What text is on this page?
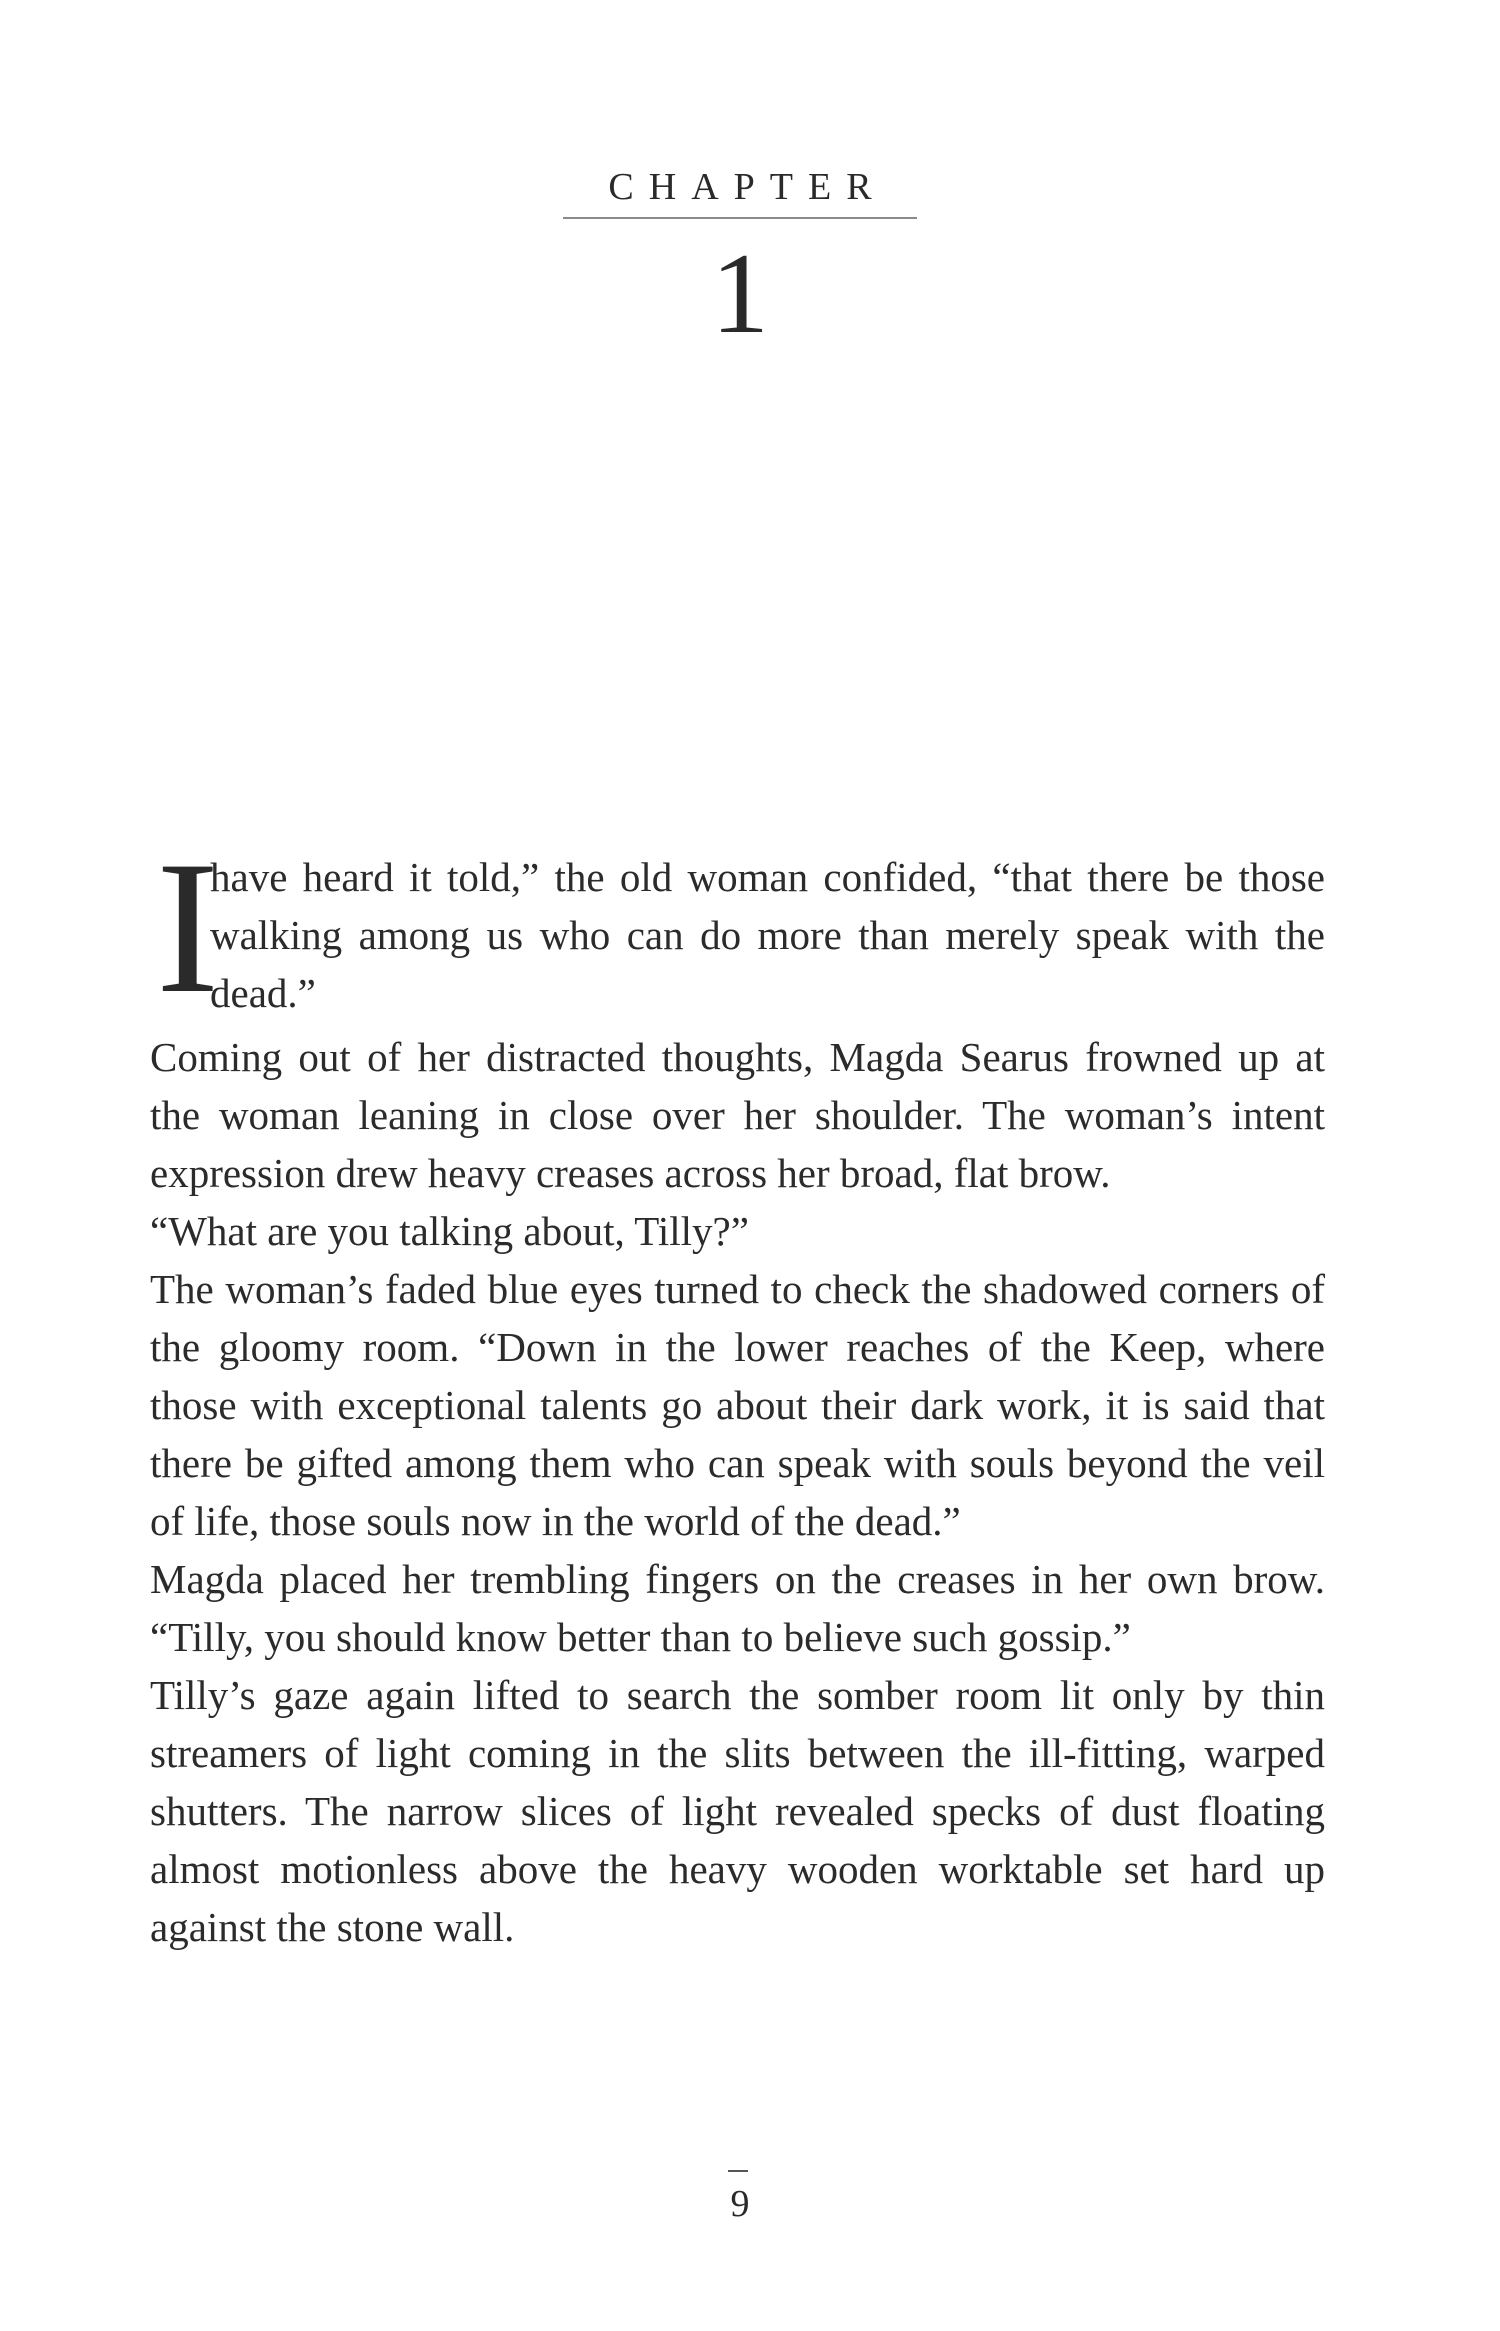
CHAPTER
1

I
have heard it told,” the old woman confided, “that there be those walking among us who can do more than merely speak with the dead.”

Coming out of her distracted thoughts, Magda Searus frowned up at the woman leaning in close over her shoulder. The woman’s intent expression drew heavy creases across her broad, flat brow.

“What are you talking about, Tilly?”

The woman’s faded blue eyes turned to check the shadowed corners of the gloomy room. “Down in the lower reaches of the Keep, where those with exceptional talents go about their dark work, it is said that there be gifted among them who can speak with souls beyond the veil of life, those souls now in the world of the dead.”

Magda placed her trembling fingers on the creases in her own brow. “Tilly, you should know better than to believe such gossip.”

Tilly’s gaze again lifted to search the somber room lit only by thin streamers of light coming in the slits between the ill-fitting, warped shutters. The narrow slices of light revealed specks of dust floating almost motionless above the heavy wooden worktable set hard up against the stone wall.

9
